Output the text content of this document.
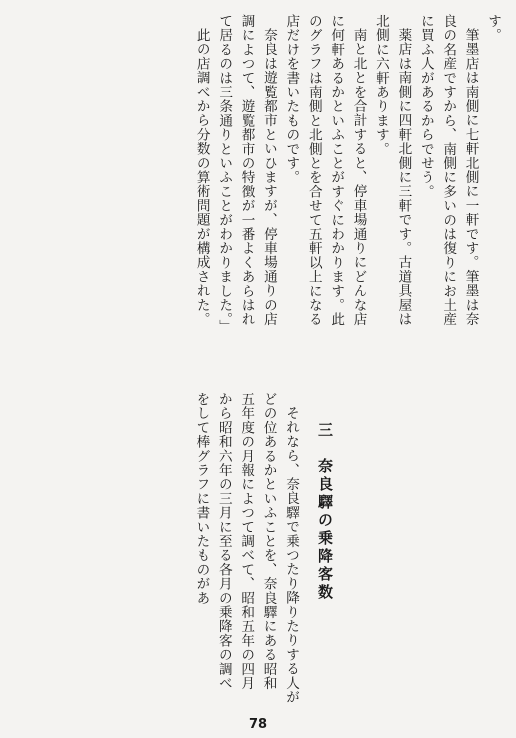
す。

筆墨店は南側に七軒北側に一軒です。筆墨は奈良の名産ですから、南側に多いのは復りにお土産に買ふ人があるからでせう。

薬店は南側に四軒北側に三軒です。古道具屋は北側に六軒あります。

南と北とを合計すると、停車場通りにどんな店に何軒あるかといふことがすぐにわかります。此のグラフは南側と北側とを合せて五軒以上になる店だけを書いたものです。

奈良は遊覧都市といひますが、停車場通りの店調によつて、遊覧都市の特徴が一番よくあらはれて居るのは三条通りといふことがわかりました。」

此の店調べから分数の算術問題が構成された。

三　奈良驛の乗降客数

それなら、奈良驛で乗つたり降りたりする人がどの位あるかといふことを、奈良驛にある昭和五年度の月報によつて調べて、昭和五年の四月から昭和六年の三月に至る各月の乗降客の調べをして棒グラフに書いたものがあ

78
